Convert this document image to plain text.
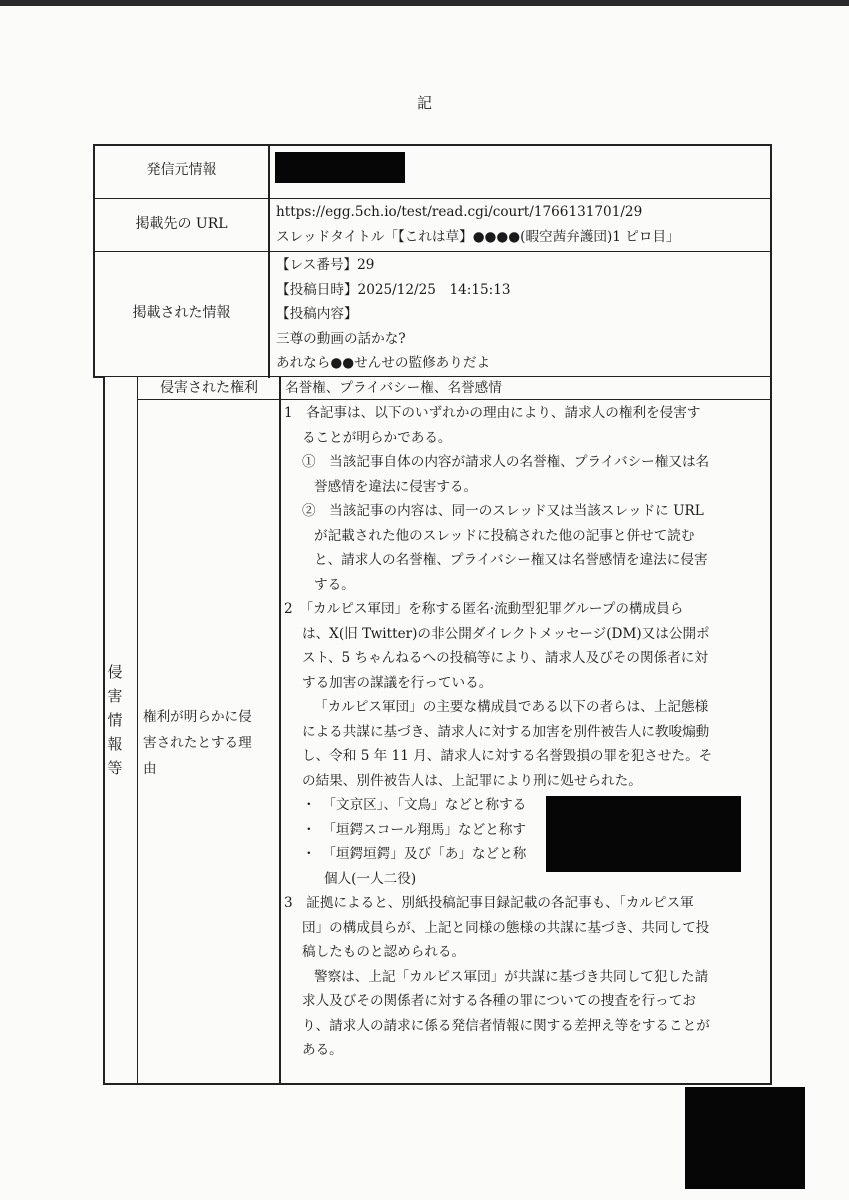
記
発信元情報
掲載先の URL
https://egg.5ch.io/test/read.cgi/court/1766131701/29
スレッドタイトル「【これは草】●●●●(暇空茜弁護団)1 ピロ目」
掲載された情報
【レス番号】29
【投稿日時】2025/12/25　14:15:13
【投稿内容】
三尊の動画の話かな?
あれなら●●せんせの監修ありだよ
侵
害
情
報
等
侵害された権利	名誉権、プライバシー権、名誉感情
権利が明らかに侵
害されたとする理
由
1　各記事は、以下のいずれかの理由により、請求人の権利を侵害す
ることが明らかである。
①　当該記事自体の内容が請求人の名誉権、プライバシー権又は名
誉感情を違法に侵害する。
②　当該記事の内容は、同一のスレッド又は当該スレッドに URL
が記載された他のスレッドに投稿された他の記事と併せて読む
と、請求人の名誉権、プライバシー権又は名誉感情を違法に侵害
する。
2　「カルピス軍団」を称する匿名·流動型犯罪グループの構成員ら
は、X(旧 Twitter)の非公開ダイレクトメッセージ(DM)又は公開ポ
スト、5 ちゃんねるへの投稿等により、請求人及びその関係者に対
する加害の謀議を行っている。
「カルピス軍団」の主要な構成員である以下の者らは、上記態様
による共謀に基づき、請求人に対する加害を別件被告人に教唆煽動
し、令和 5 年 11 月、請求人に対する名誉毀損の罪を犯させた。そ
の結果、別件被告人は、上記罪により刑に処せられた。
・　「文京区」、「文鳥」などと称する
・　「垣鍔スコール翔馬」などと称す
・　「垣鍔垣鍔」及び「あ」などと称
個人(一人二役)
3　証拠によると、別紙投稿記事目録記載の各記事も、「カルピス軍
団」の構成員らが、上記と同様の態様の共謀に基づき、共同して投
稿したものと認められる。
警察は、上記「カルピス軍団」が共謀に基づき共同して犯した請
求人及びその関係者に対する各種の罪についての捜査を行ってお
り、請求人の請求に係る発信者情報に関する差押え等をすることが
ある。
